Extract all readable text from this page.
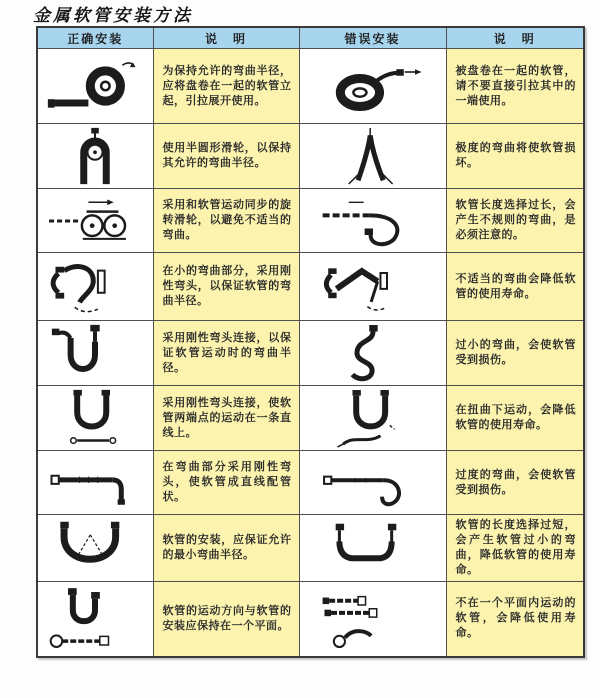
金属软管安装方法
正确安装	说　明	错误安装	说　明

为保持允许的弯曲半径，应将盘卷在一起的软管立起，引拉展开使用。		被盘卷在一起的软管，请不要直接引拉其中的一端使用。

使用半圆形滑轮，以保持其允许的弯曲半径。		极度的弯曲将使软管损坏。

采用和软管运动同步的旋转滑轮，以避免不适当的弯曲。		软管长度选择过长，会产生不规则的弯曲，是必须注意的。

在小的弯曲部分，采用刚性弯头，以保证软管的弯曲半径。		不适当的弯曲会降低软管的使用寿命。

采用刚性弯头连接，以保证软管运动时的弯曲半径。		过小的弯曲，会使软管受到损伤。

采用刚性弯头连接，使软管两端点的运动在一条直线上。		在扭曲下运动，会降低软管的使用寿命。

在弯曲部分采用刚性弯头，使软管成直线配管状。		过度的弯曲，会使软管受到损伤。

软管的安装，应保证允许的最小弯曲半径。		软管的长度选择过短，会产生软管过小的弯曲，降低软管的使用寿命。

软管的运动方向与软管的安装应保持在一个平面。		不在一个平面内运动的软管，会降低使用寿命。
